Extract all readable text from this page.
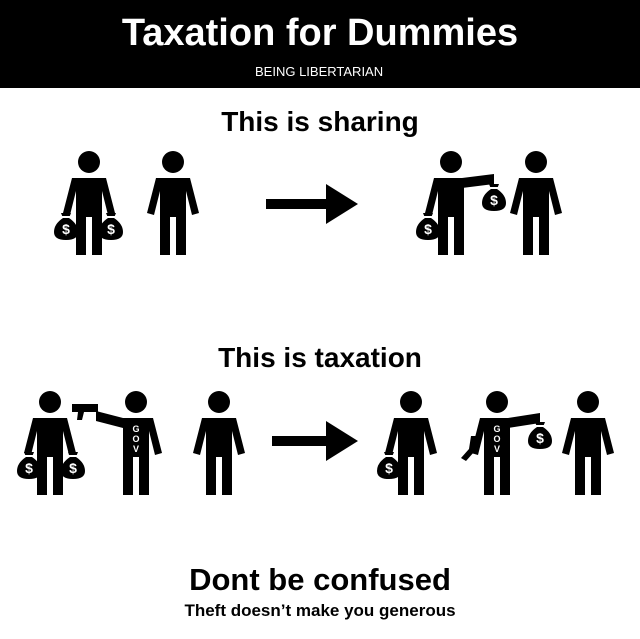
Taxation for Dummies
BEING LIBERTARIAN
This is sharing
This is taxation
$	$
$
$
$	$
G
O
V
$
G
O
V
$
Dont be confused
Theft doesn’t make you generous
